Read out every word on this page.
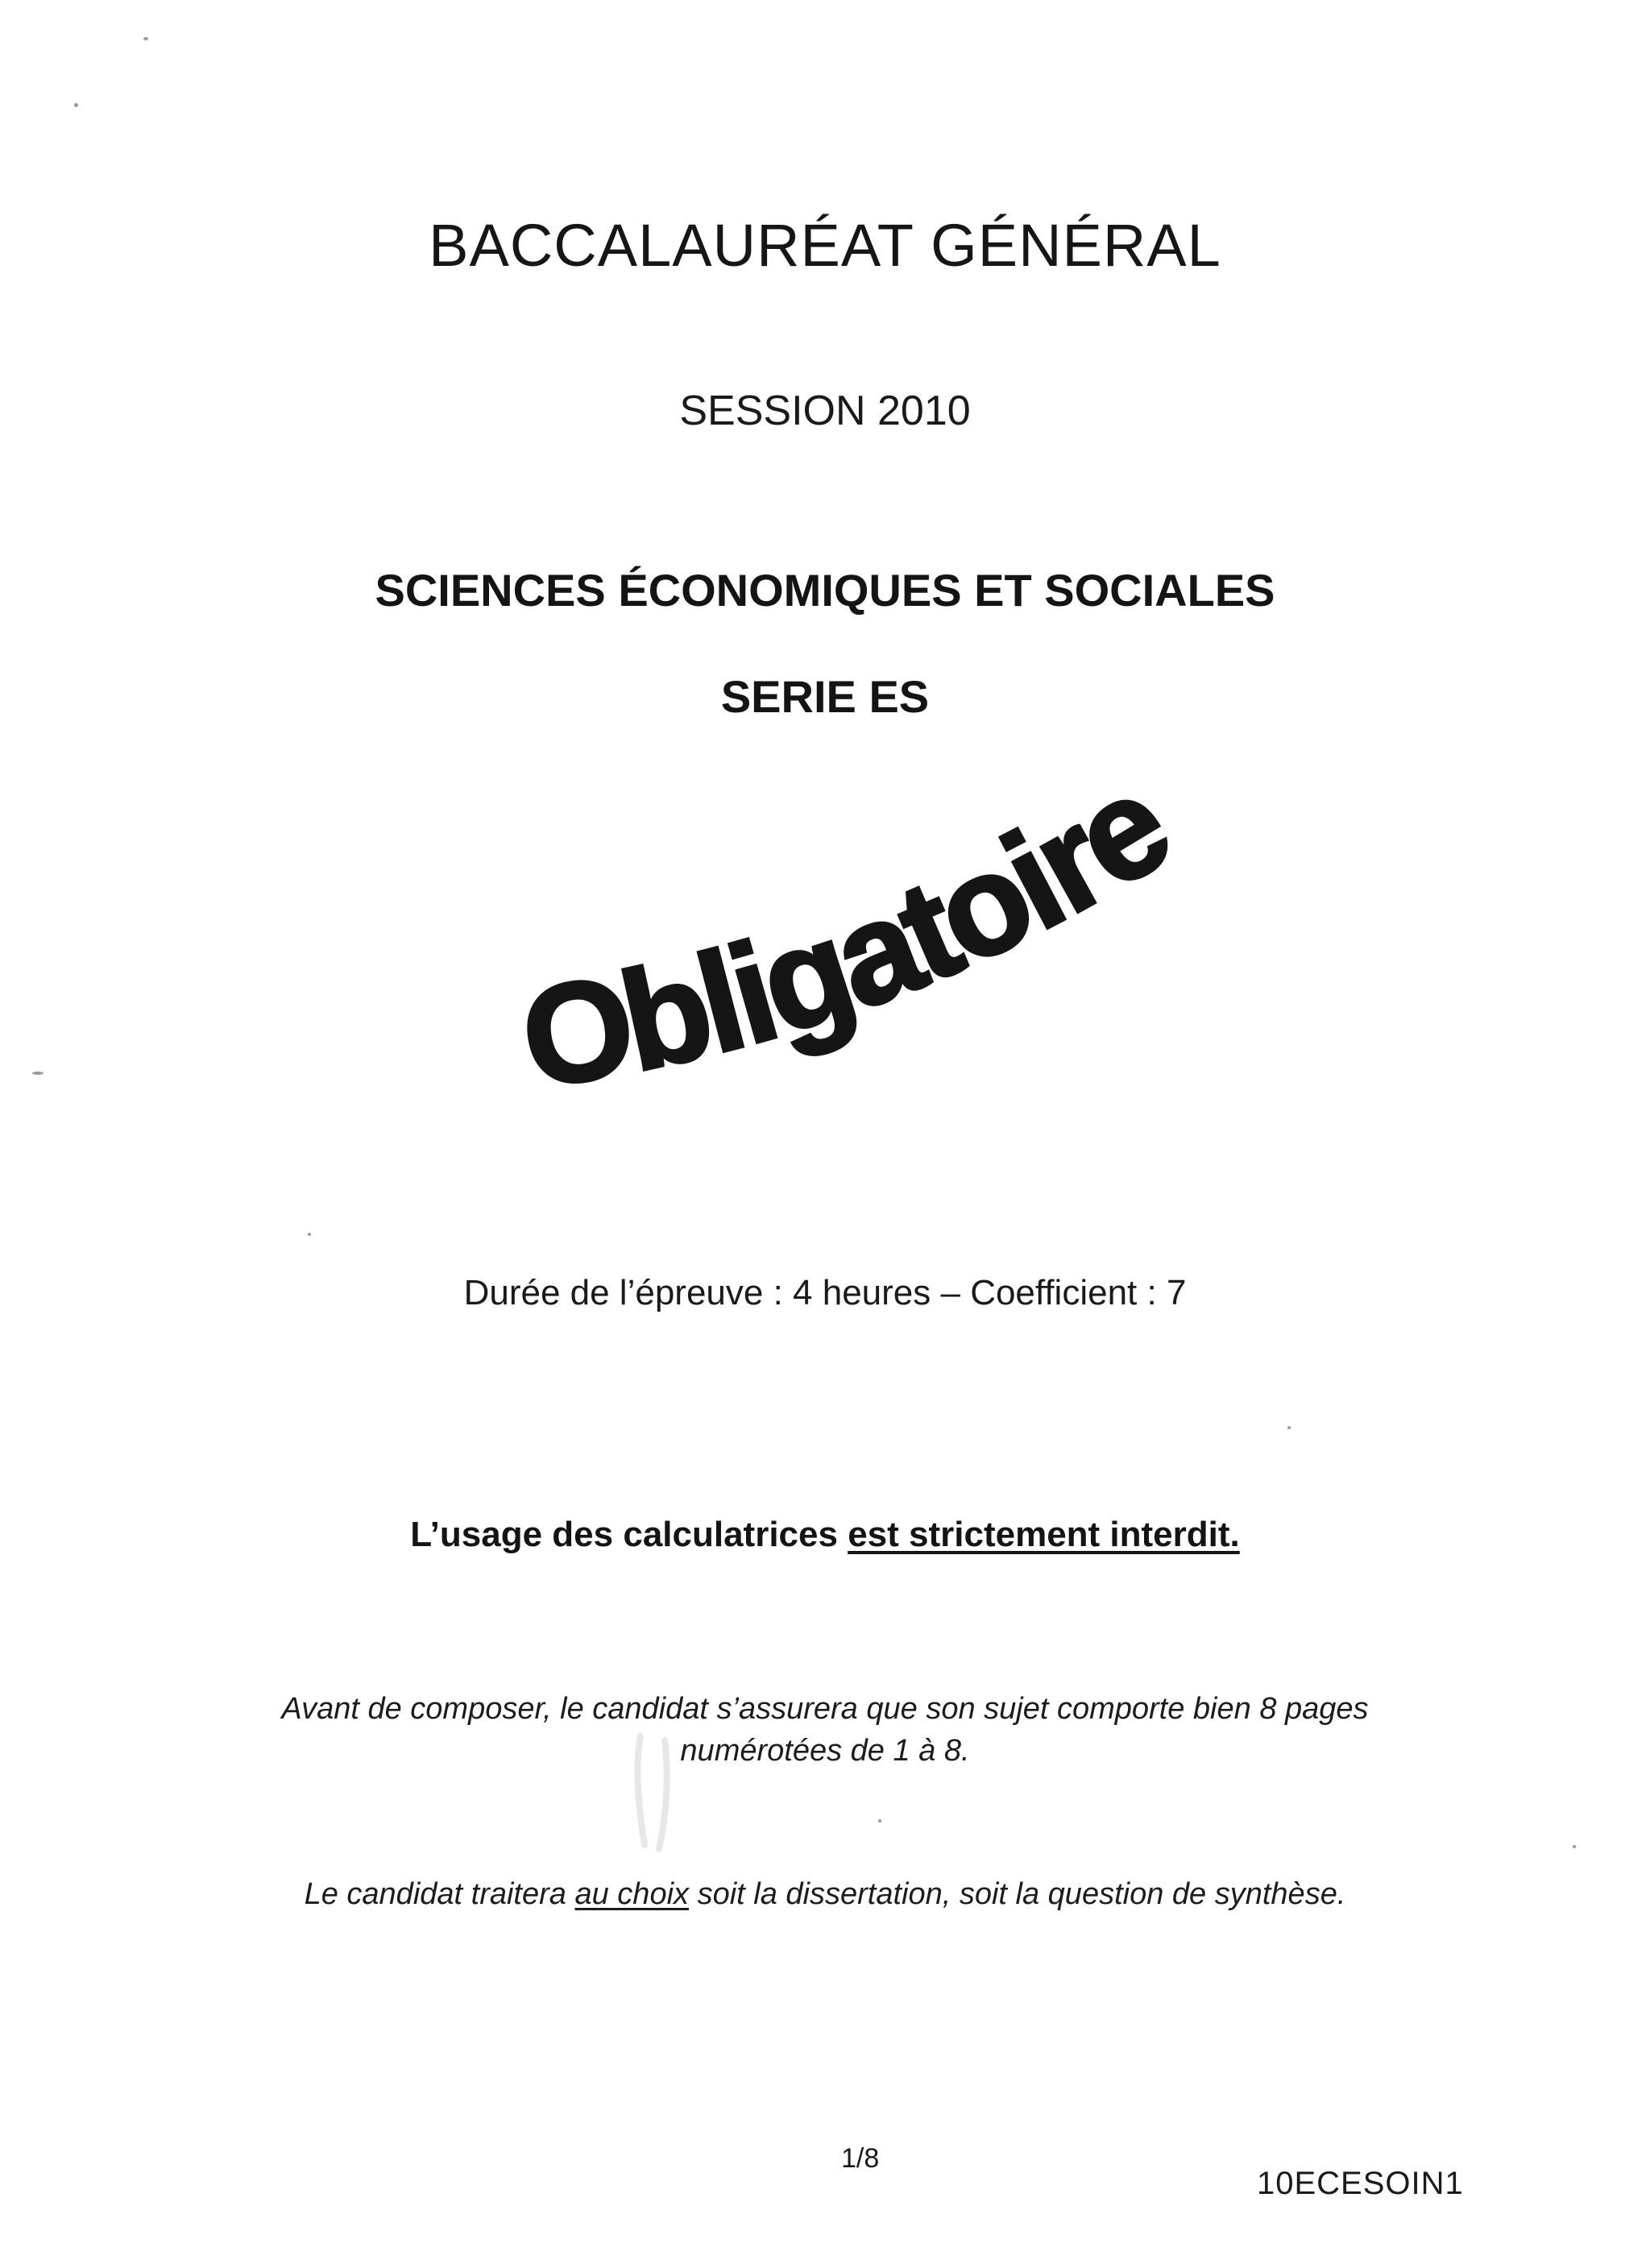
BACCALAURÉAT GÉNÉRAL
SESSION 2010
SCIENCES ÉCONOMIQUES ET SOCIALES
SERIE ES
Obligatoire
Durée de l’épreuve : 4 heures – Coefficient : 7
L’usage des calculatrices est strictement interdit.
Avant de composer, le candidat s’assurera que son sujet comporte bien 8 pages
numérotées de 1 à 8.
Le candidat traitera au choix soit la dissertation, soit la question de synthèse.
1/8
10ECESOIN1
